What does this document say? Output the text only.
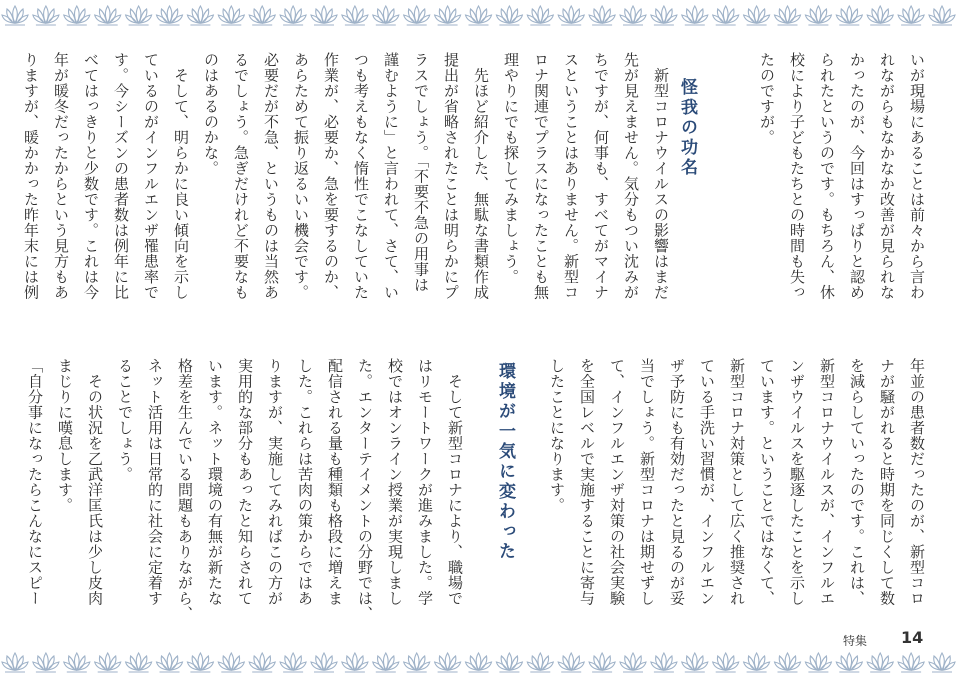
いが現場にあることは前々から言わ
れながらもなかなか改善が見られな
かったのが、今回はすっぱりと認め
られたというのです。もちろん、休
校により子どもたちとの時間も失っ
たのですが。
怪我の功名
　新型コロナウイルスの影響はまだ
先が見えません。気分もつい沈みが
ちですが、何事も、すべてがマイナ
スということはありません。新型コ
ロナ関連でプラスになったことも無
理やりにでも探してみましょう。
　先ほど紹介した、無駄な書類作成
提出が省略されたことは明らかにプ
ラスでしょう。「不要不急の用事は
謹むように」と言われて、さて、い
つも考えもなく惰性でこなしていた
作業が、必要か、急を要するのか、
あらためて振り返るいい機会です。
必要だが不急、というものは当然あ
るでしょう。急ぎだけれど不要なも
のはあるのかな。
　そして、明らかに良い傾向を示し
ているのがインフルエンザ罹患率で
す。今シーズンの患者数は例年に比
べてはっきりと少数です。これは今
年が暖冬だったからという見方もあ
りますが、暖かかった昨年末には例
年並の患者数だったのが、新型コロ
ナが騒がれると時期を同じくして数
を減らしていったのです。これは、
新型コロナウイルスが、インフルエ
ンザウイルスを駆逐したことを示し
ています。ということではなくて、
新型コロナ対策として広く推奨され
ている手洗い習慣が、インフルエン
ザ予防にも有効だったと見るのが妥
当でしょう。新型コロナは期せずし
て、インフルエンザ対策の社会実験
を全国レベルで実施することに寄与
したことになります。
環境が一気に変わった
　そして新型コロナにより、職場で
はリモートワークが進みました。学
校ではオンライン授業が実現しまし
た。エンターテイメントの分野では、
配信される量も種類も格段に増えま
した。これらは苦肉の策からではあ
りますが、実施してみればこの方が
実用的な部分もあったと知らされて
います。ネット環境の有無が新たな
格差を生んでいる問題もありながら、
ネット活用は日常的に社会に定着す
ることでしょう。
　その状況を乙武洋匡氏は少し皮肉
まじりに嘆息します。
「自分事になったらこんなにスピー
特集 14
